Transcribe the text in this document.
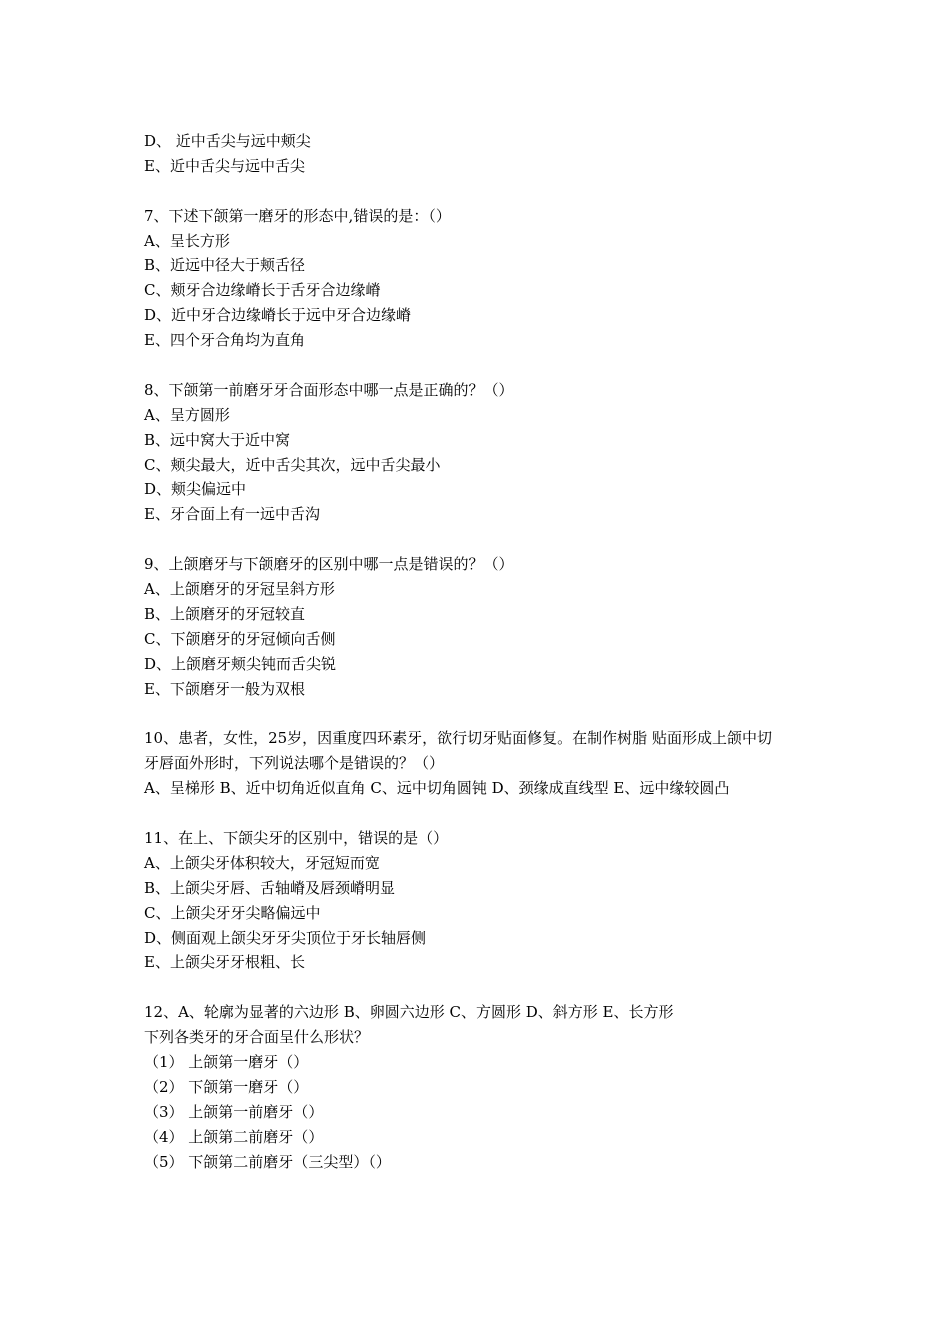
D、 近中舌尖与远中颊尖
E、近中舌尖与远中舌尖
7、下述下颌第一磨牙的形态中,错误的是：（）
A、呈长方形
B、近远中径大于颊舌径
C、颊牙合边缘嵴长于舌牙合边缘嵴
D、近中牙合边缘嵴长于远中牙合边缘嵴
E、四个牙合角均为直角
8、下颌第一前磨牙牙合面形态中哪一点是正确的？（）
A、呈方圆形
B、远中窝大于近中窝
C、颊尖最大，近中舌尖其次，远中舌尖最小
D、颊尖偏远中
E、牙合面上有一远中舌沟
9、上颌磨牙与下颌磨牙的区别中哪一点是错误的？（）
A、上颌磨牙的牙冠呈斜方形
B、上颌磨牙的牙冠较直
C、下颌磨牙的牙冠倾向舌侧
D、上颌磨牙颊尖钝而舌尖锐
E、下颌磨牙一般为双根
10、患者，女性，25岁，因重度四环素牙，欲行切牙贴面修复。在制作树脂 贴面形成上颌中切
牙唇面外形时，下列说法哪个是错误的？（）
A、呈梯形 B、近中切角近似直角 C、远中切角圆钝 D、颈缘成直线型 E、远中缘较圆凸
11、在上、下颌尖牙的区别中，错误的是（）
A、上颌尖牙体积较大，牙冠短而宽
B、上颌尖牙唇、舌轴嵴及唇颈嵴明显
C、上颌尖牙牙尖略偏远中
D、侧面观上颌尖牙牙尖顶位于牙长轴唇侧
E、上颌尖牙牙根粗、长
12、A、轮廓为显著的六边形 B、卵圆六边形 C、方圆形 D、斜方形 E、长方形
下列各类牙的牙合面呈什么形状？
（1） 上颌第一磨牙（）
（2） 下颌第一磨牙（）
（3） 上颌第一前磨牙（）
（4） 上颌第二前磨牙（）
（5） 下颌第二前磨牙（三尖型）（）
